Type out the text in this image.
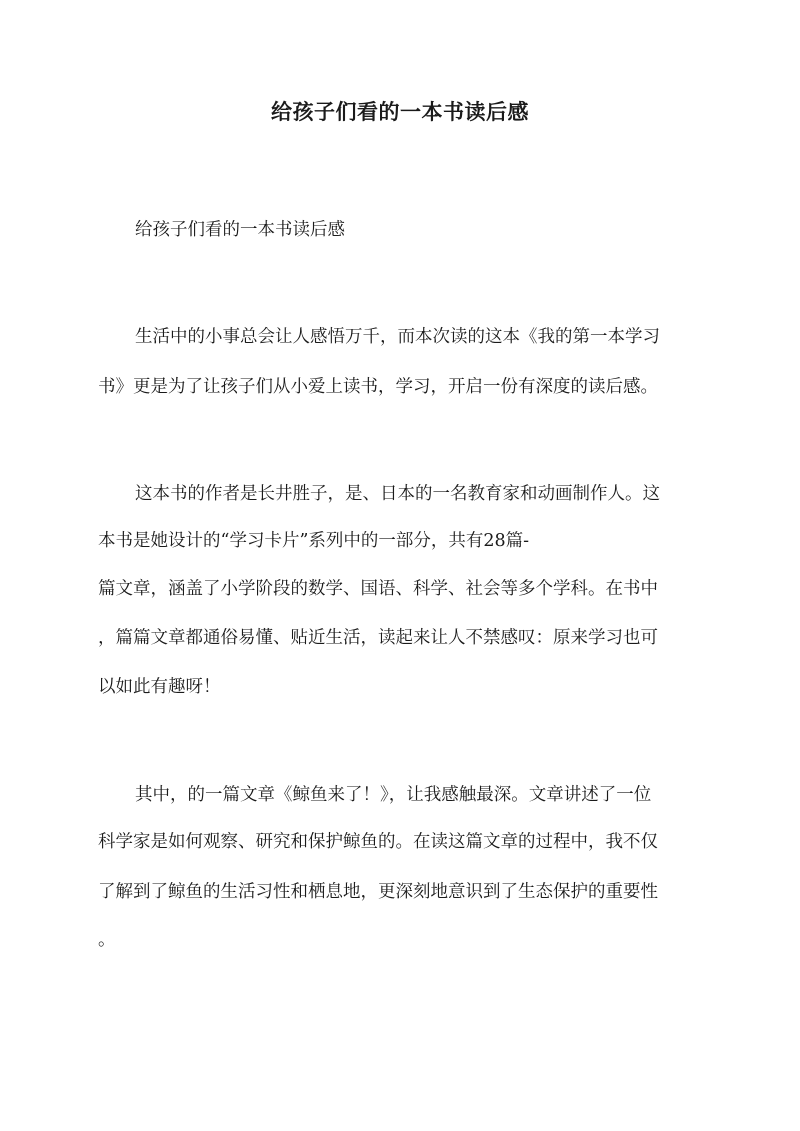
给孩子们看的一本书读后感

给孩子们看的一本书读后感

生活中的小事总会让人感悟万千，而本次读的这本《我的第一本学习

书》更是为了让孩子们从小爱上读书，学习，开启一份有深度的读后感。

这本书的作者是长井胜子，是、日本的一名教育家和动画制作人。这

本书是她设计的“学习卡片”系列中的一部分，共有28篇-

篇文章，涵盖了小学阶段的数学、国语、科学、社会等多个学科。在书中

，篇篇文章都通俗易懂、贴近生活，读起来让人不禁感叹：原来学习也可

以如此有趣呀！

其中，的一篇文章《鲸鱼来了！》，让我感触最深。文章讲述了一位

科学家是如何观察、研究和保护鲸鱼的。在读这篇文章的过程中，我不仅

了解到了鲸鱼的生活习性和栖息地，更深刻地意识到了生态保护的重要性

。
